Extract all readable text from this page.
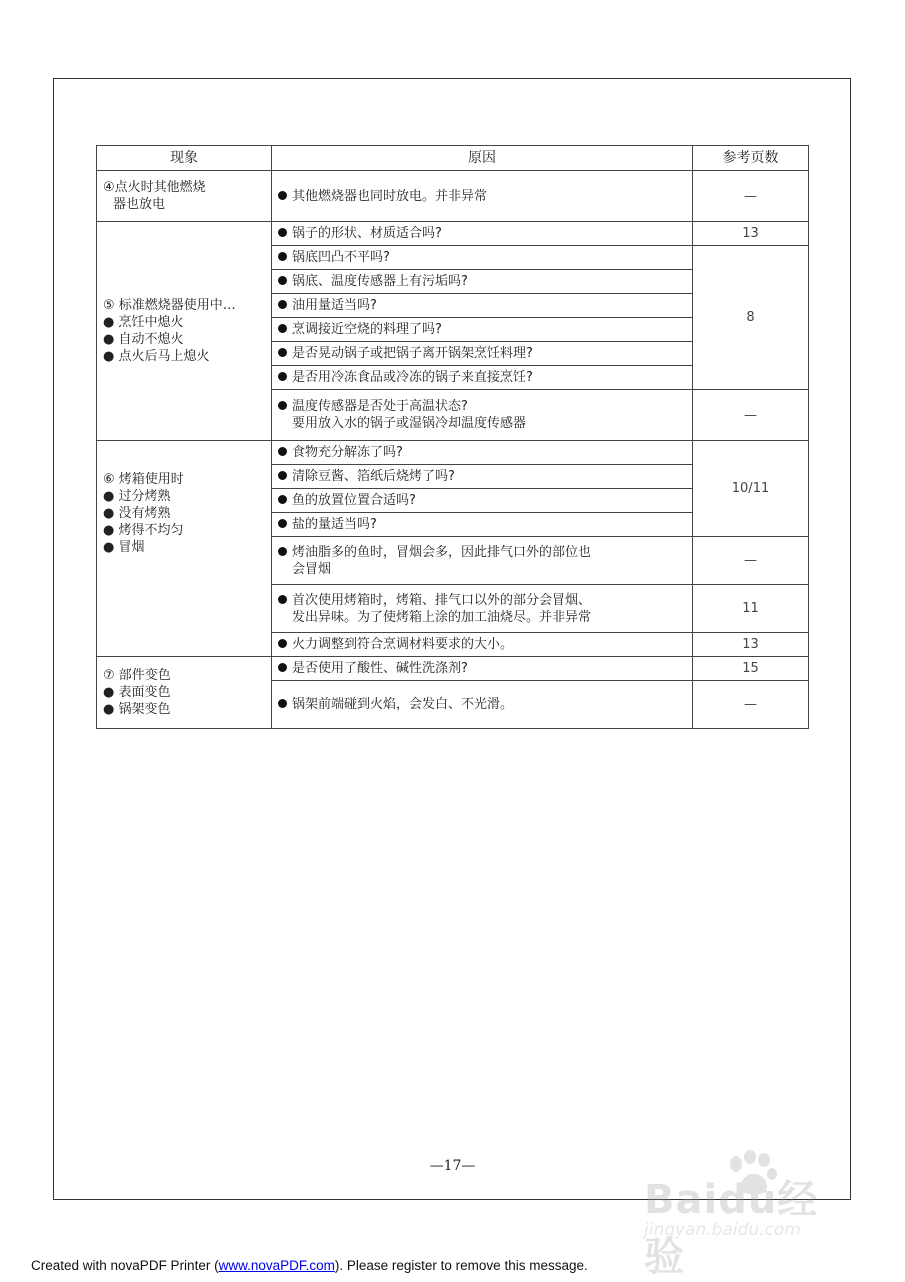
现象	原因	参考页数

④点火时其他燃烧
器也放电	其他燃烧器也同时放电。并非异常	—

⑤ 标准燃烧器使用中…
● 烹饪中熄火
● 自动不熄火
● 点火后马上熄火	锅子的形状、材质适合吗?	13
	锅底凹凸不平吗?	8
	锅底、温度传感器上有污垢吗?	
	油用量适当吗?	
	烹调接近空烧的料理了吗?	
	是否晃动锅子或把锅子离开锅架烹饪料理?	
	是否用冷冻食品或冷冻的锅子来直接烹饪?	

	温度传感器是否处于高温状态?
要用放入水的锅子或湿锅冷却温度传感器	—

⑥ 烤箱使用时
● 过分烤熟
● 没有烤熟
● 烤得不均匀
● 冒烟	食物充分解冻了吗?	10/11
	清除豆酱、箔纸后烧烤了吗?	
	鱼的放置位置合适吗?	
	盐的量适当吗?	

	烤油脂多的鱼时，冒烟会多，因此排气口外的部位也
会冒烟	—

	首次使用烤箱时，烤箱、排气口以外的部分会冒烟、
发出异味。为了使烤箱上涂的加工油烧尽。并非异常	11
	火力调整到符合烹调材料要求的大小。	13

⑦ 部件变色
● 表面变色
● 锅架变色	是否使用了酸性、碱性洗涤剂?	15
	锅架前端碰到火焰，会发白、不光滑。	—
—17—
Baidu经验
jingyan.baidu.com
Created with novaPDF Printer (www.novaPDF.com). Please register to remove this message.
